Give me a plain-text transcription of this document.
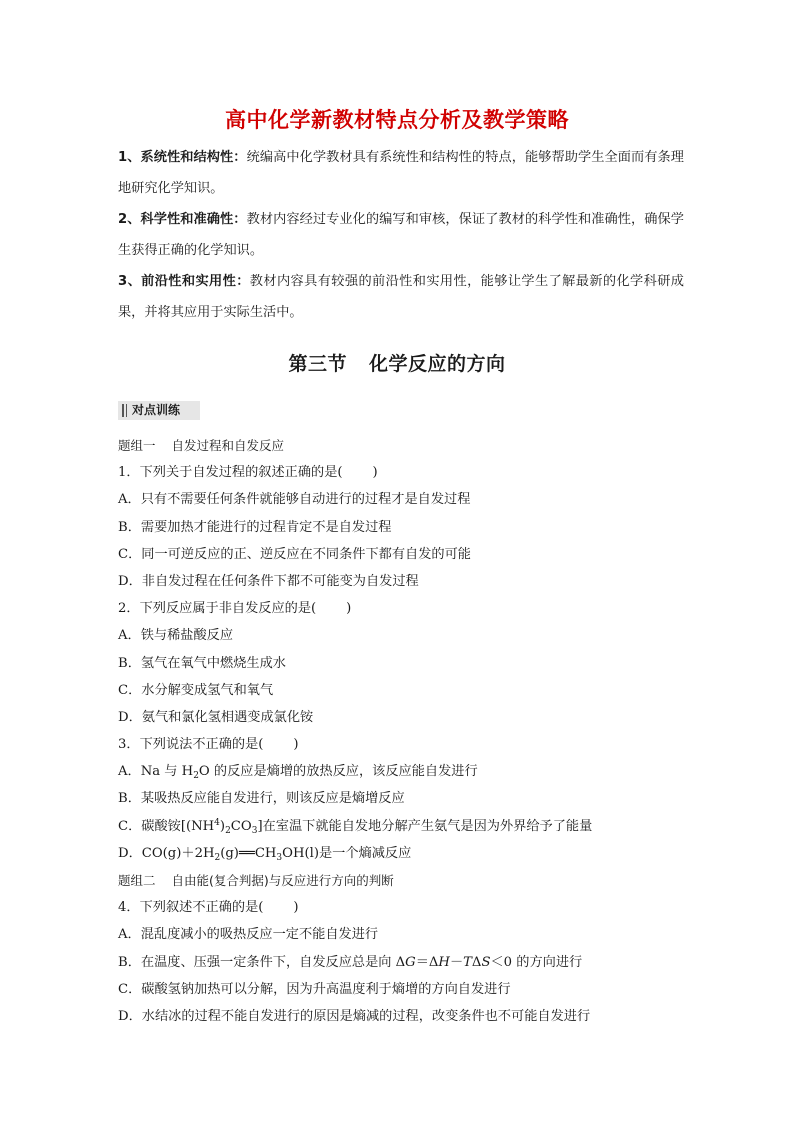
高中化学新教材特点分析及教学策略

1、系统性和结构性：统编高中化学教材具有系统性和结构性的特点，能够帮助学生全面而有条理地研究化学知识。

2、科学性和准确性：教材内容经过专业化的编写和审核，保证了教材的科学性和准确性，确保学生获得正确的化学知识。

3、前沿性和实用性：教材内容具有较强的前沿性和实用性，能够让学生了解最新的化学科研成果，并将其应用于实际生活中。

第三节 化学反应的方向
对点训练
题组一 自发过程和自发反应
1．下列关于自发过程的叙述正确的是( )
A．只有不需要任何条件就能够自动进行的过程才是自发过程
B．需要加热才能进行的过程肯定不是自发过程
C．同一可逆反应的正、逆反应在不同条件下都有自发的可能
D．非自发过程在任何条件下都不可能变为自发过程
2．下列反应属于非自发反应的是( )
A．铁与稀盐酸反应
B．氢气在氧气中燃烧生成水
C．水分解变成氢气和氧气
D．氨气和氯化氢相遇变成氯化铵
3．下列说法不正确的是( )
A．Na 与 $H_2O$ 的反应是熵增的放热反应，该反应能自发进行
B．某吸热反应能自发进行，则该反应是熵增反应
C．碳酸铵$[(NH^4)_2CO_3]$在室温下就能自发地分解产生氨气是因为外界给予了能量
D．$CO(g)+2H_2(g)══CH_3OH(l)$是一个熵减反应
题组二 自由能(复合判据)与反应进行方向的判断
4．下列叙述不正确的是( )
A．混乱度减小的吸热反应一定不能自发进行
B．在温度、压强一定条件下，自发反应总是向 ΔG＝ΔH－TΔS＜0 的方向进行
C．碳酸氢钠加热可以分解，因为升高温度利于熵增的方向自发进行
D．水结冰的过程不能自发进行的原因是熵减的过程，改变条件也不可能自发进行
